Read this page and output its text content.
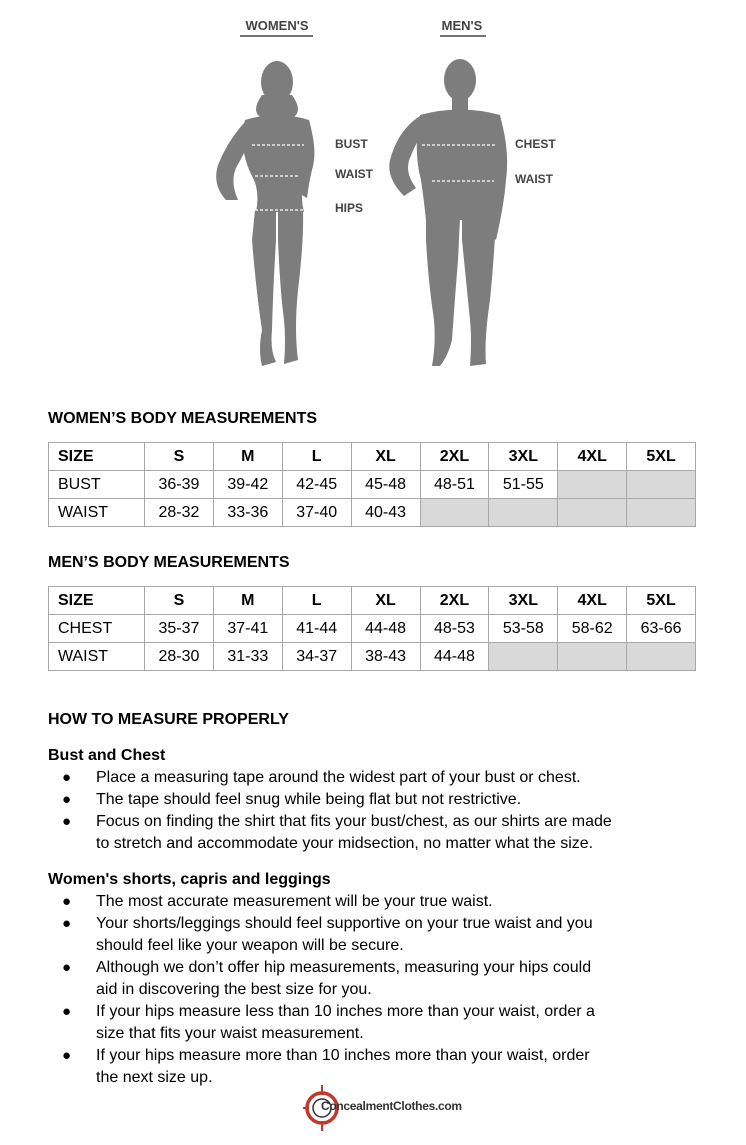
WOMEN'S	MEN'S
BUST
WAIST
HIPS
CHEST
WAIST
WOMEN’S BODY MEASUREMENTS
SIZE	S	M	L	XL	2XL	3XL	4XL	5XL
BUST	36-39	39-42	42-45	45-48	48-51	51-55		
WAIST	28-32	33-36	37-40	40-43				
MEN’S BODY MEASUREMENTS
SIZE	S	M	L	XL	2XL	3XL	4XL	5XL
CHEST	35-37	37-41	41-44	44-48	48-53	53-58	58-62	63-66
WAIST	28-30	31-33	34-37	38-43	44-48			
HOW TO MEASURE PROPERLY
Bust and Chest
● Place a measuring tape around the widest part of your bust or chest.
● The tape should feel snug while being flat but not restrictive.
● Focus on finding the shirt that fits your bust/chest, as our shirts are made to stretch and accommodate your midsection, no matter what the size.
Women's shorts, capris and leggings
● The most accurate measurement will be your true waist.
● Your shorts/leggings should feel supportive on your true waist and you should feel like your weapon will be secure.
● Although we don’t offer hip measurements, measuring your hips could aid in discovering the best size for you.
● If your hips measure less than 10 inches more than your waist, order a size that fits your waist measurement.
● If your hips measure more than 10 inches more than your waist, order the next size up.
ConcealmentClothes.com
